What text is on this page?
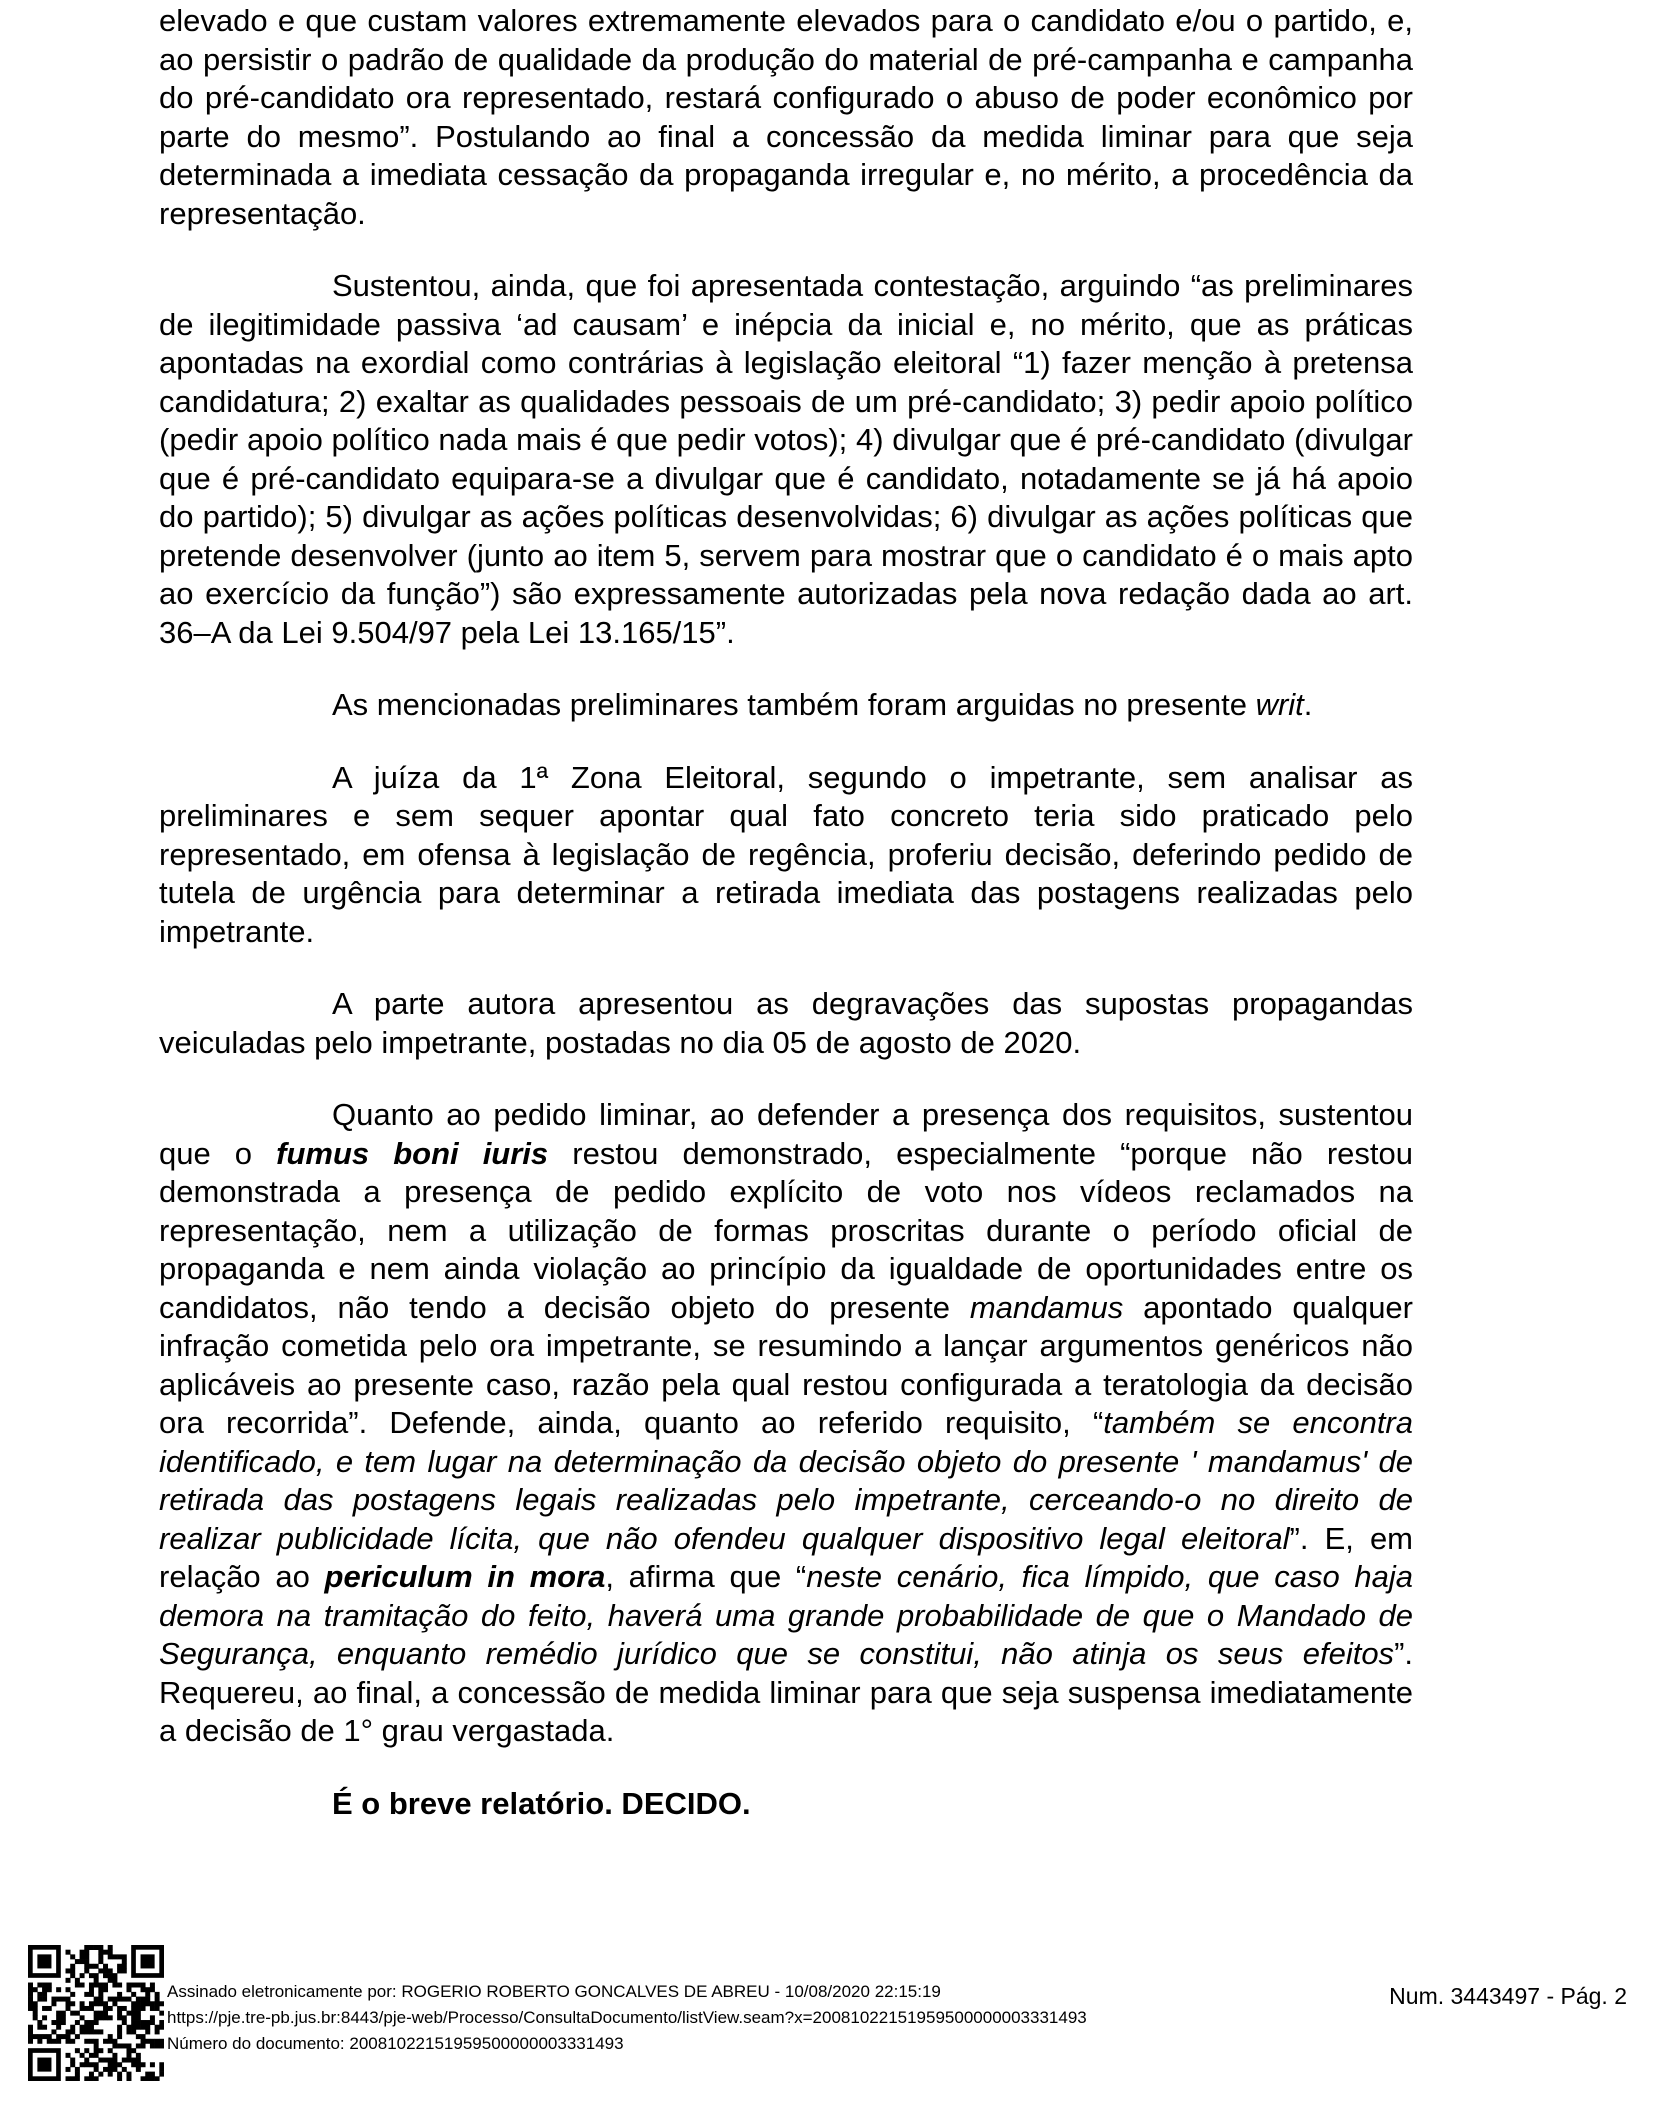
elevado e que custam valores extremamente elevados para o candidato e/ou o partido, e, ao persistir o padrão de qualidade da produção do material de pré-campanha e campanha do pré-candidato ora representado, restará configurado o abuso de poder econômico por parte do mesmo”. Postulando ao final a concessão da medida liminar para que seja determinada a imediata cessação da propaganda irregular e, no mérito, a procedência da representação.

Sustentou, ainda, que foi apresentada contestação, arguindo “as preliminares de ilegitimidade passiva ‘ad causam’ e inépcia da inicial e, no mérito, que as práticas apontadas na exordial como contrárias à legislação eleitoral “1) fazer menção à pretensa candidatura; 2) exaltar as qualidades pessoais de um pré-candidato; 3) pedir apoio político (pedir apoio político nada mais é que pedir votos); 4) divulgar que é pré-candidato (divulgar que é pré-candidato equipara-se a divulgar que é candidato, notadamente se já há apoio do partido); 5) divulgar as ações políticas desenvolvidas; 6) divulgar as ações políticas que pretende desenvolver (junto ao item 5, servem para mostrar que o candidato é o mais apto ao exercício da função”) são expressamente autorizadas pela nova redação dada ao art. 36–A da Lei 9.504/97 pela Lei 13.165/15”.

As mencionadas preliminares também foram arguidas no presente writ.

A juíza da 1ª Zona Eleitoral, segundo o impetrante, sem analisar as preliminares e sem sequer apontar qual fato concreto teria sido praticado pelo representado, em ofensa à legislação de regência, proferiu decisão, deferindo pedido de tutela de urgência para determinar a retirada imediata das postagens realizadas pelo impetrante.

A parte autora apresentou as degravações das supostas propagandas veiculadas pelo impetrante, postadas no dia 05 de agosto de 2020.

Quanto ao pedido liminar, ao defender a presença dos requisitos, sustentou que o fumus boni iuris restou demonstrado, especialmente “porque não restou demonstrada a presença de pedido explícito de voto nos vídeos reclamados na representação, nem a utilização de formas proscritas durante o período oficial de propaganda e nem ainda violação ao princípio da igualdade de oportunidades entre os candidatos, não tendo a decisão objeto do presente mandamus apontado qualquer infração cometida pelo ora impetrante, se resumindo a lançar argumentos genéricos não aplicáveis ao presente caso, razão pela qual restou configurada a teratologia da decisão ora recorrida”. Defende, ainda, quanto ao referido requisito, “também se encontra identificado, e tem lugar na determinação da decisão objeto do presente ' mandamus' de retirada das postagens legais realizadas pelo impetrante, cerceando-o no direito de realizar publicidade lícita, que não ofendeu qualquer dispositivo legal eleitoral”. E, em relação ao periculum in mora, afirma que “neste cenário, fica límpido, que caso haja demora na tramitação do feito, haverá uma grande probabilidade de que o Mandado de Segurança, enquanto remédio jurídico que se constitui, não atinja os seus efeitos”. Requereu, ao final, a concessão de medida liminar para que seja suspensa imediatamente a decisão de 1° grau vergastada.

É o breve relatório. DECIDO.

Assinado eletronicamente por: ROGERIO ROBERTO GONCALVES DE ABREU - 10/08/2020 22:15:19
https://pje.tre-pb.jus.br:8443/pje-web/Processo/ConsultaDocumento/listView.seam?x=20081022151959500000003331493
Número do documento: 20081022151959500000003331493
Num. 3443497 - Pág. 2
